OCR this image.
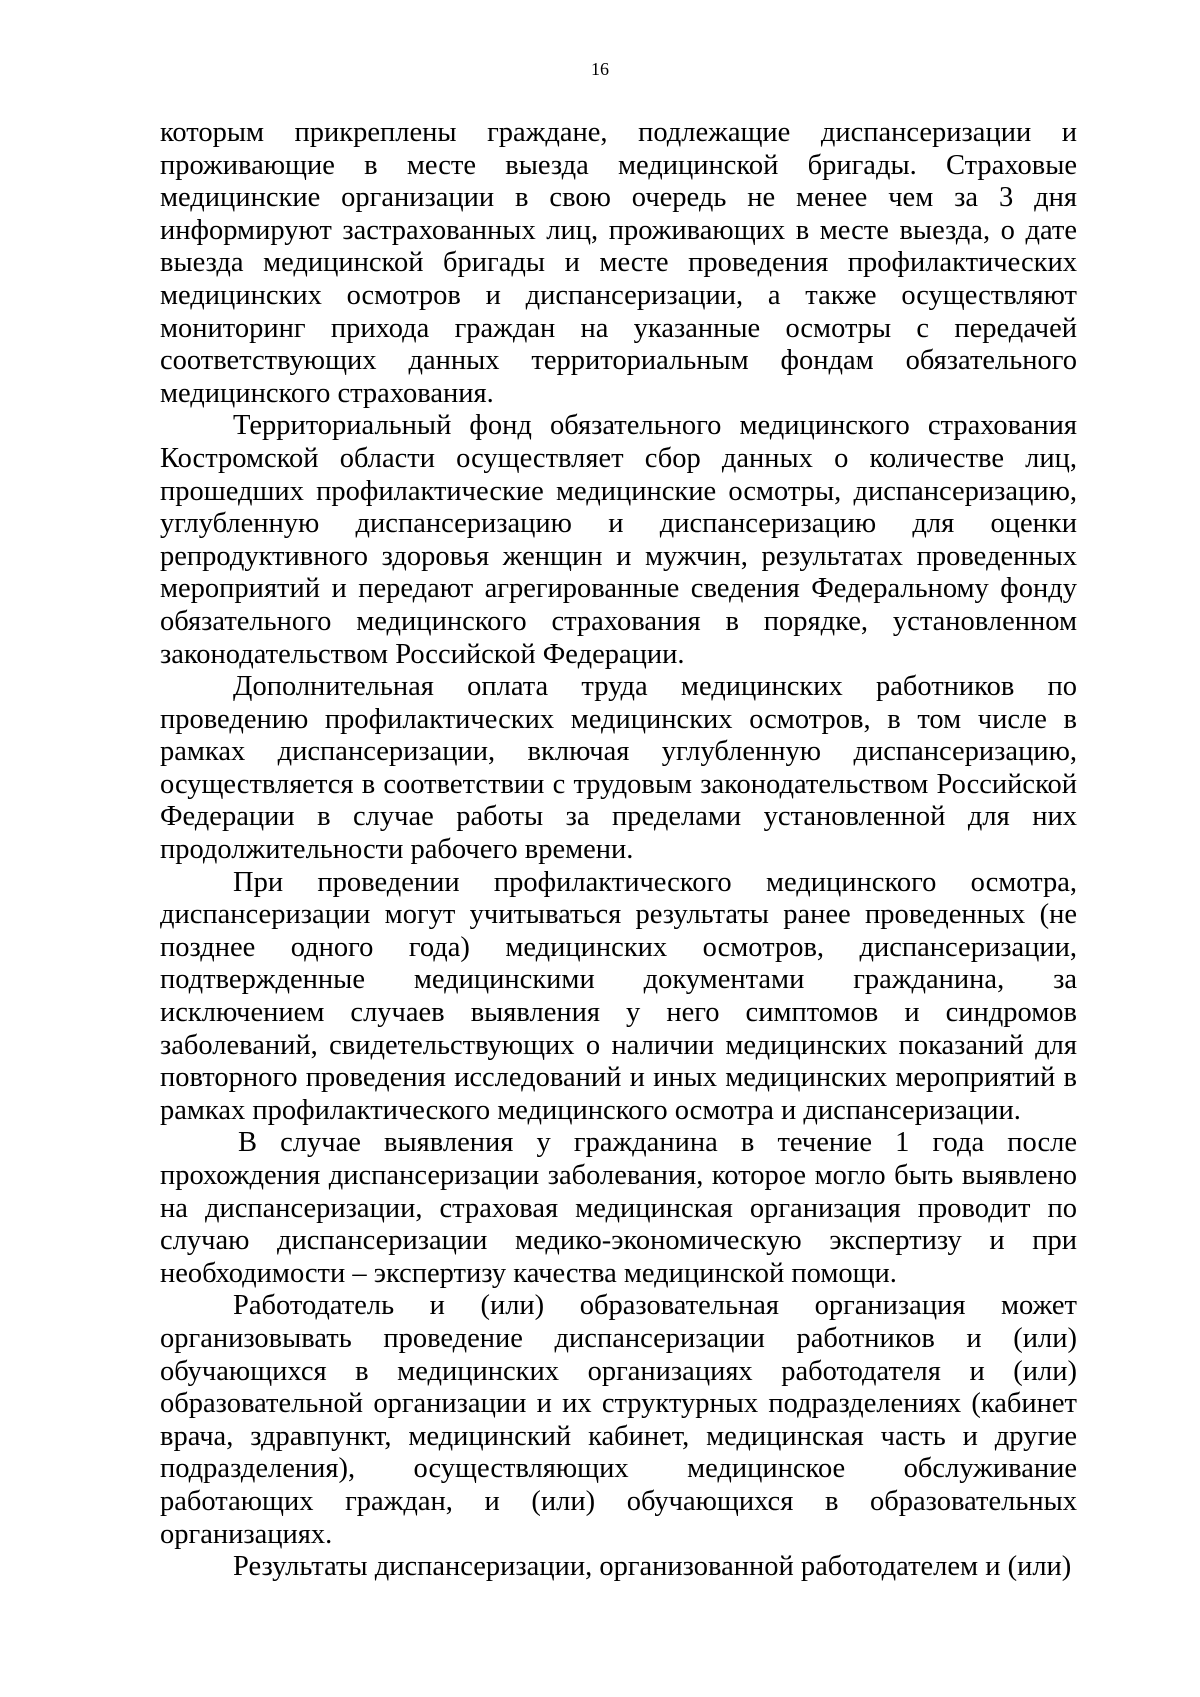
16

которым прикреплены граждане, подлежащие диспансеризации и проживающие в месте выезда медицинской бригады. Страховые медицинские организации в свою очередь не менее чем за 3 дня информируют застрахованных лиц, проживающих в месте выезда, о дате выезда медицинской бригады и месте проведения профилактических медицинских осмотров и диспансеризации, а также осуществляют мониторинг прихода граждан на указанные осмотры с передачей соответствующих данных территориальным фондам обязательного медицинского страхования.

Территориальный фонд обязательного медицинского страхования Костромской области осуществляет сбор данных о количестве лиц, прошедших профилактические медицинские осмотры, диспансеризацию, углубленную диспансеризацию и диспансеризацию для оценки репродуктивного здоровья женщин и мужчин, результатах проведенных мероприятий и передают агрегированные сведения Федеральному фонду обязательного медицинского страхования в порядке, установленном законодательством Российской Федерации.

Дополнительная оплата труда медицинских работников по проведению профилактических медицинских осмотров, в том числе в рамках диспансеризации, включая углубленную диспансеризацию, осуществляется в соответствии с трудовым законодательством Российской Федерации в случае работы за пределами установленной для них продолжительности рабочего времени.

При проведении профилактического медицинского осмотра, диспансеризации могут учитываться результаты ранее проведенных (не позднее одного года) медицинских осмотров, диспансеризации, подтвержденные медицинскими документами гражданина, за исключением случаев выявления у него симптомов и синдромов заболеваний, свидетельствующих о наличии медицинских показаний для повторного проведения исследований и иных медицинских мероприятий в рамках профилактического медицинского осмотра и диспансеризации.

В случае выявления у гражданина в течение 1 года после прохождения диспансеризации заболевания, которое могло быть выявлено на диспансеризации, страховая медицинская организация проводит по случаю диспансеризации медико-экономическую экспертизу и при необходимости – экспертизу качества медицинской помощи.

Работодатель и (или) образовательная организация может организовывать проведение диспансеризации работников и (или) обучающихся в медицинских организациях работодателя и (или) образовательной организации и их структурных подразделениях (кабинет врача, здравпункт, медицинский кабинет, медицинская часть и другие подразделения), осуществляющих медицинское обслуживание работающих граждан, и (или) обучающихся в образовательных организациях.

Результаты диспансеризации, организованной работодателем и (или)
